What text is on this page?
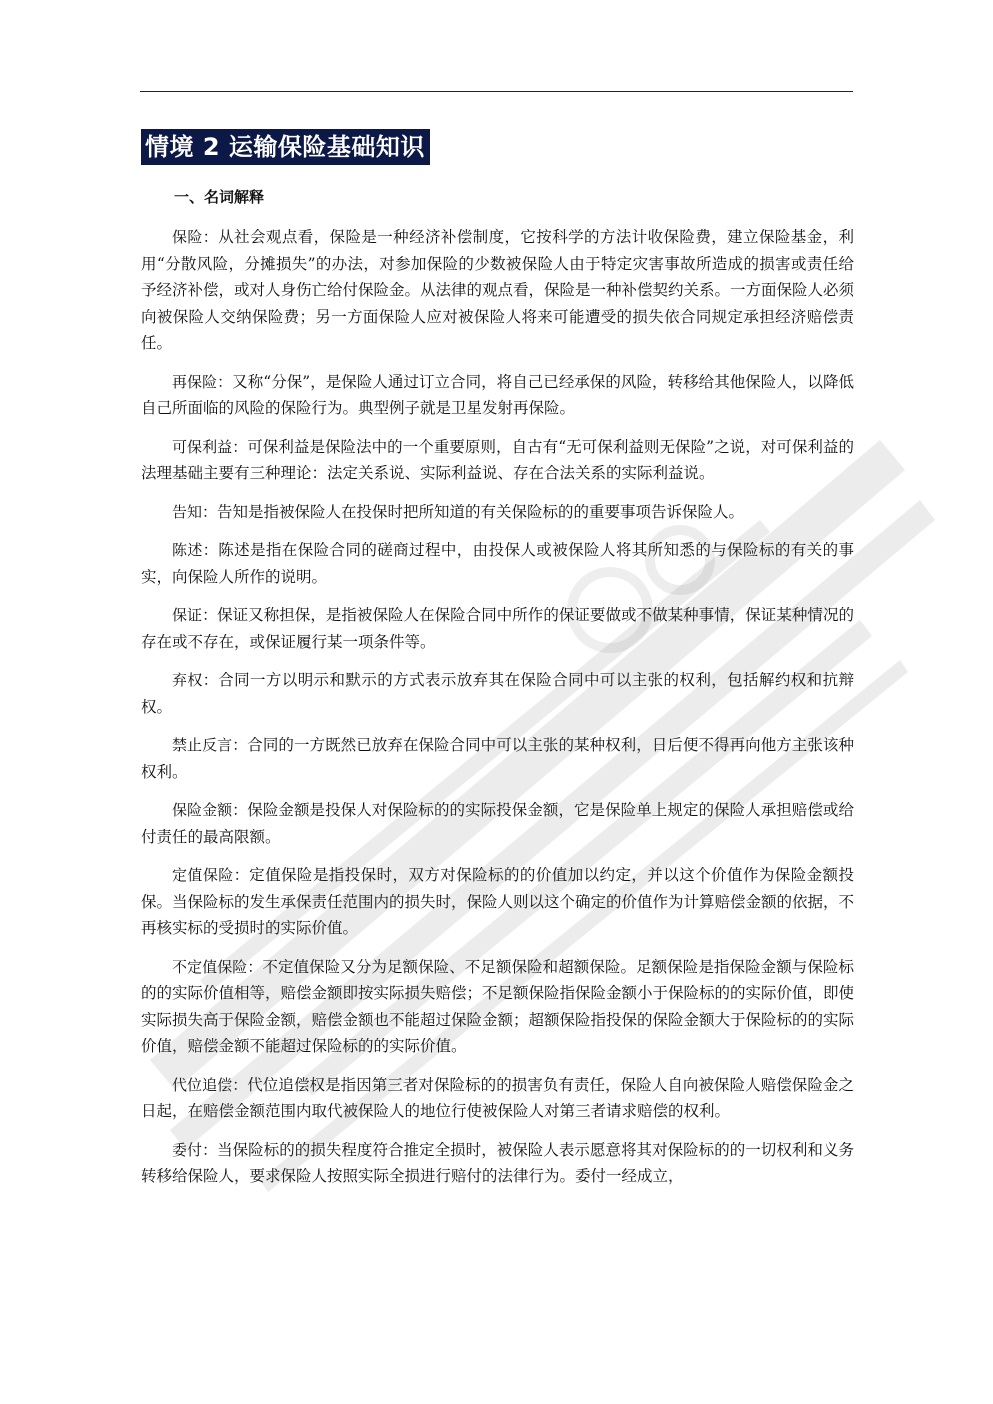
情境 2 运输保险基础知识
一、名词解释

保险：从社会观点看，保险是一种经济补偿制度，它按科学的方法计收保险费，建立保险基金，利用“分散风险，分摊损失”的办法，对参加保险的少数被保险人由于特定灾害事故所造成的损害或责任给予经济补偿，或对人身伤亡给付保险金。从法律的观点看，保险是一种补偿契约关系。一方面保险人必须向被保险人交纳保险费；另一方面保险人应对被保险人将来可能遭受的损失依合同规定承担经济赔偿责任。

再保险：又称“分保”，是保险人通过订立合同，将自己已经承保的风险，转移给其他保险人，以降低自己所面临的风险的保险行为。典型例子就是卫星发射再保险。

可保利益：可保利益是保险法中的一个重要原则，自古有“无可保利益则无保险”之说，对可保利益的法理基础主要有三种理论：法定关系说、实际利益说、存在合法关系的实际利益说。

告知：告知是指被保险人在投保时把所知道的有关保险标的的重要事项告诉保险人。

陈述：陈述是指在保险合同的磋商过程中，由投保人或被保险人将其所知悉的与保险标的有关的事实，向保险人所作的说明。

保证：保证又称担保，是指被保险人在保险合同中所作的保证要做或不做某种事情，保证某种情况的存在或不存在，或保证履行某一项条件等。

弃权：合同一方以明示和默示的方式表示放弃其在保险合同中可以主张的权利，包括解约权和抗辩权。

禁止反言：合同的一方既然已放弃在保险合同中可以主张的某种权利，日后便不得再向他方主张该种权利。

保险金额：保险金额是投保人对保险标的的实际投保金额，它是保险单上规定的保险人承担赔偿或给付责任的最高限额。

定值保险：定值保险是指投保时，双方对保险标的的价值加以约定，并以这个价值作为保险金额投保。当保险标的发生承保责任范围内的损失时，保险人则以这个确定的价值作为计算赔偿金额的依据，不再核实标的受损时的实际价值。

不定值保险：不定值保险又分为足额保险、不足额保险和超额保险。足额保险是指保险金额与保险标的的实际价值相等，赔偿金额即按实际损失赔偿；不足额保险指保险金额小于保险标的的实际价值，即使实际损失高于保险金额，赔偿金额也不能超过保险金额；超额保险指投保的保险金额大于保险标的的实际价值，赔偿金额不能超过保险标的的实际价值。

代位追偿：代位追偿权是指因第三者对保险标的的损害负有责任，保险人自向被保险人赔偿保险金之日起，在赔偿金额范围内取代被保险人的地位行使被保险人对第三者请求赔偿的权利。

委付：当保险标的的损失程度符合推定全损时，被保险人表示愿意将其对保险标的的一切权利和义务转移给保险人，要求保险人按照实际全损进行赔付的法律行为。委付一经成立，
